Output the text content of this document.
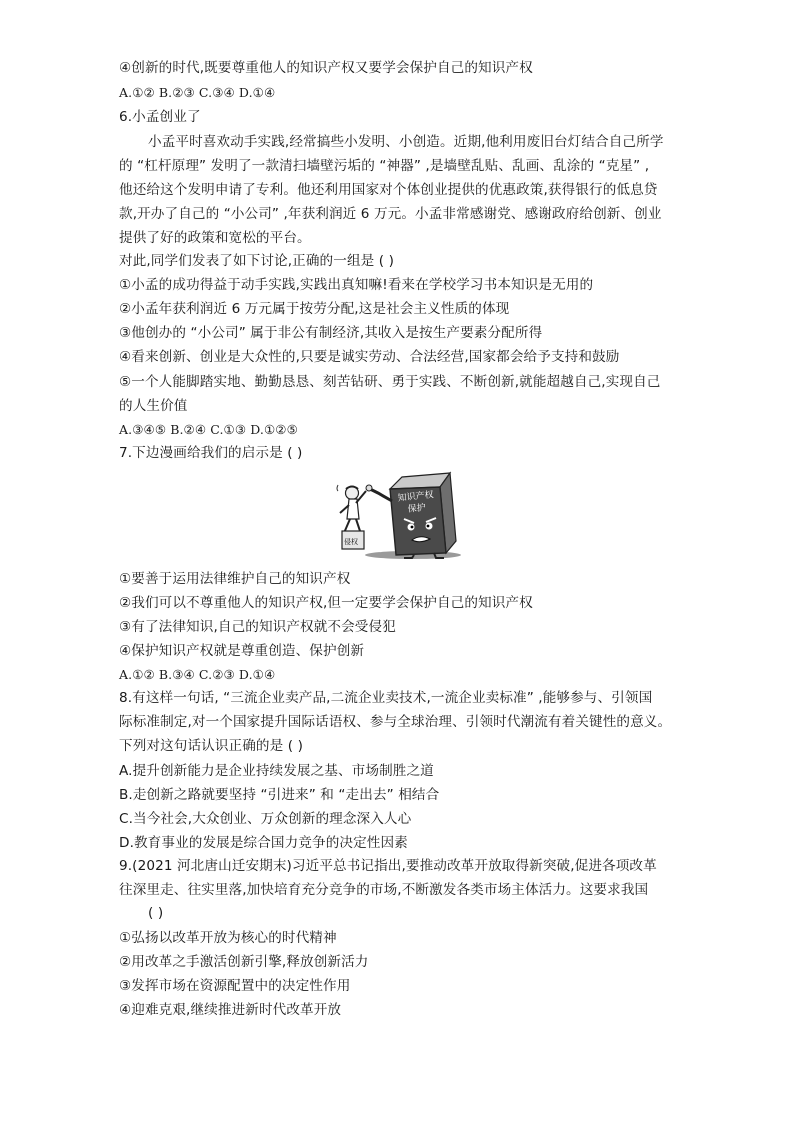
④创新的时代,既要尊重他人的知识产权又要学会保护自己的知识产权
A.①② B.②③ C.③④ D.①④
6.小孟创业了
小孟平时喜欢动手实践,经常搞些小发明、小创造。近期,他利用废旧台灯结合自己所学
的 “杠杆原理” 发明了一款清扫墙壁污垢的 “神器” ,是墙壁乱贴、乱画、乱涂的 “克星” ,
他还给这个发明申请了专利。他还利用国家对个体创业提供的优惠政策,获得银行的低息贷
款,开办了自己的 “小公司” ,年获利润近 6 万元。小孟非常感谢党、感谢政府给创新、创业
提供了好的政策和宽松的平台。
对此,同学们发表了如下讨论,正确的一组是 ( )
①小孟的成功得益于动手实践,实践出真知嘛!看来在学校学习书本知识是无用的
②小孟年获利润近 6 万元属于按劳分配,这是社会主义性质的体现
③他创办的 “小公司” 属于非公有制经济,其收入是按生产要素分配所得
④看来创新、创业是大众性的,只要是诚实劳动、合法经营,国家都会给予支持和鼓励
⑤一个人能脚踏实地、勤勤恳恳、刻苦钻研、勇于实践、不断创新,就能超越自己,实现自己
的人生价值
A.③④⑤ B.②④ C.①③ D.①②⑤
7.下边漫画给我们的启示是 ( )
知识产权
保护
侵权
①要善于运用法律维护自己的知识产权
②我们可以不尊重他人的知识产权,但一定要学会保护自己的知识产权
③有了法律知识,自己的知识产权就不会受侵犯
④保护知识产权就是尊重创造、保护创新
A.①② B.③④ C.②③ D.①④
8.有这样一句话, “三流企业卖产品,二流企业卖技术,一流企业卖标准” ,能够参与、引领国
际标准制定,对一个国家提升国际话语权、参与全球治理、引领时代潮流有着关键性的意义。
下列对这句话认识正确的是 ( )
A.提升创新能力是企业持续发展之基、市场制胜之道
B.走创新之路就要坚持 “引进来” 和 “走出去” 相结合
C.当今社会,大众创业、万众创新的理念深入人心
D.教育事业的发展是综合国力竞争的决定性因素
9.(2021 河北唐山迁安期末)习近平总书记指出,要推动改革开放取得新突破,促进各项改革
往深里走、往实里落,加快培育充分竞争的市场,不断激发各类市场主体活力。这要求我国
( )
①弘扬以改革开放为核心的时代精神
②用改革之手激活创新引擎,释放创新活力
③发挥市场在资源配置中的决定性作用
④迎难克艰,继续推进新时代改革开放
